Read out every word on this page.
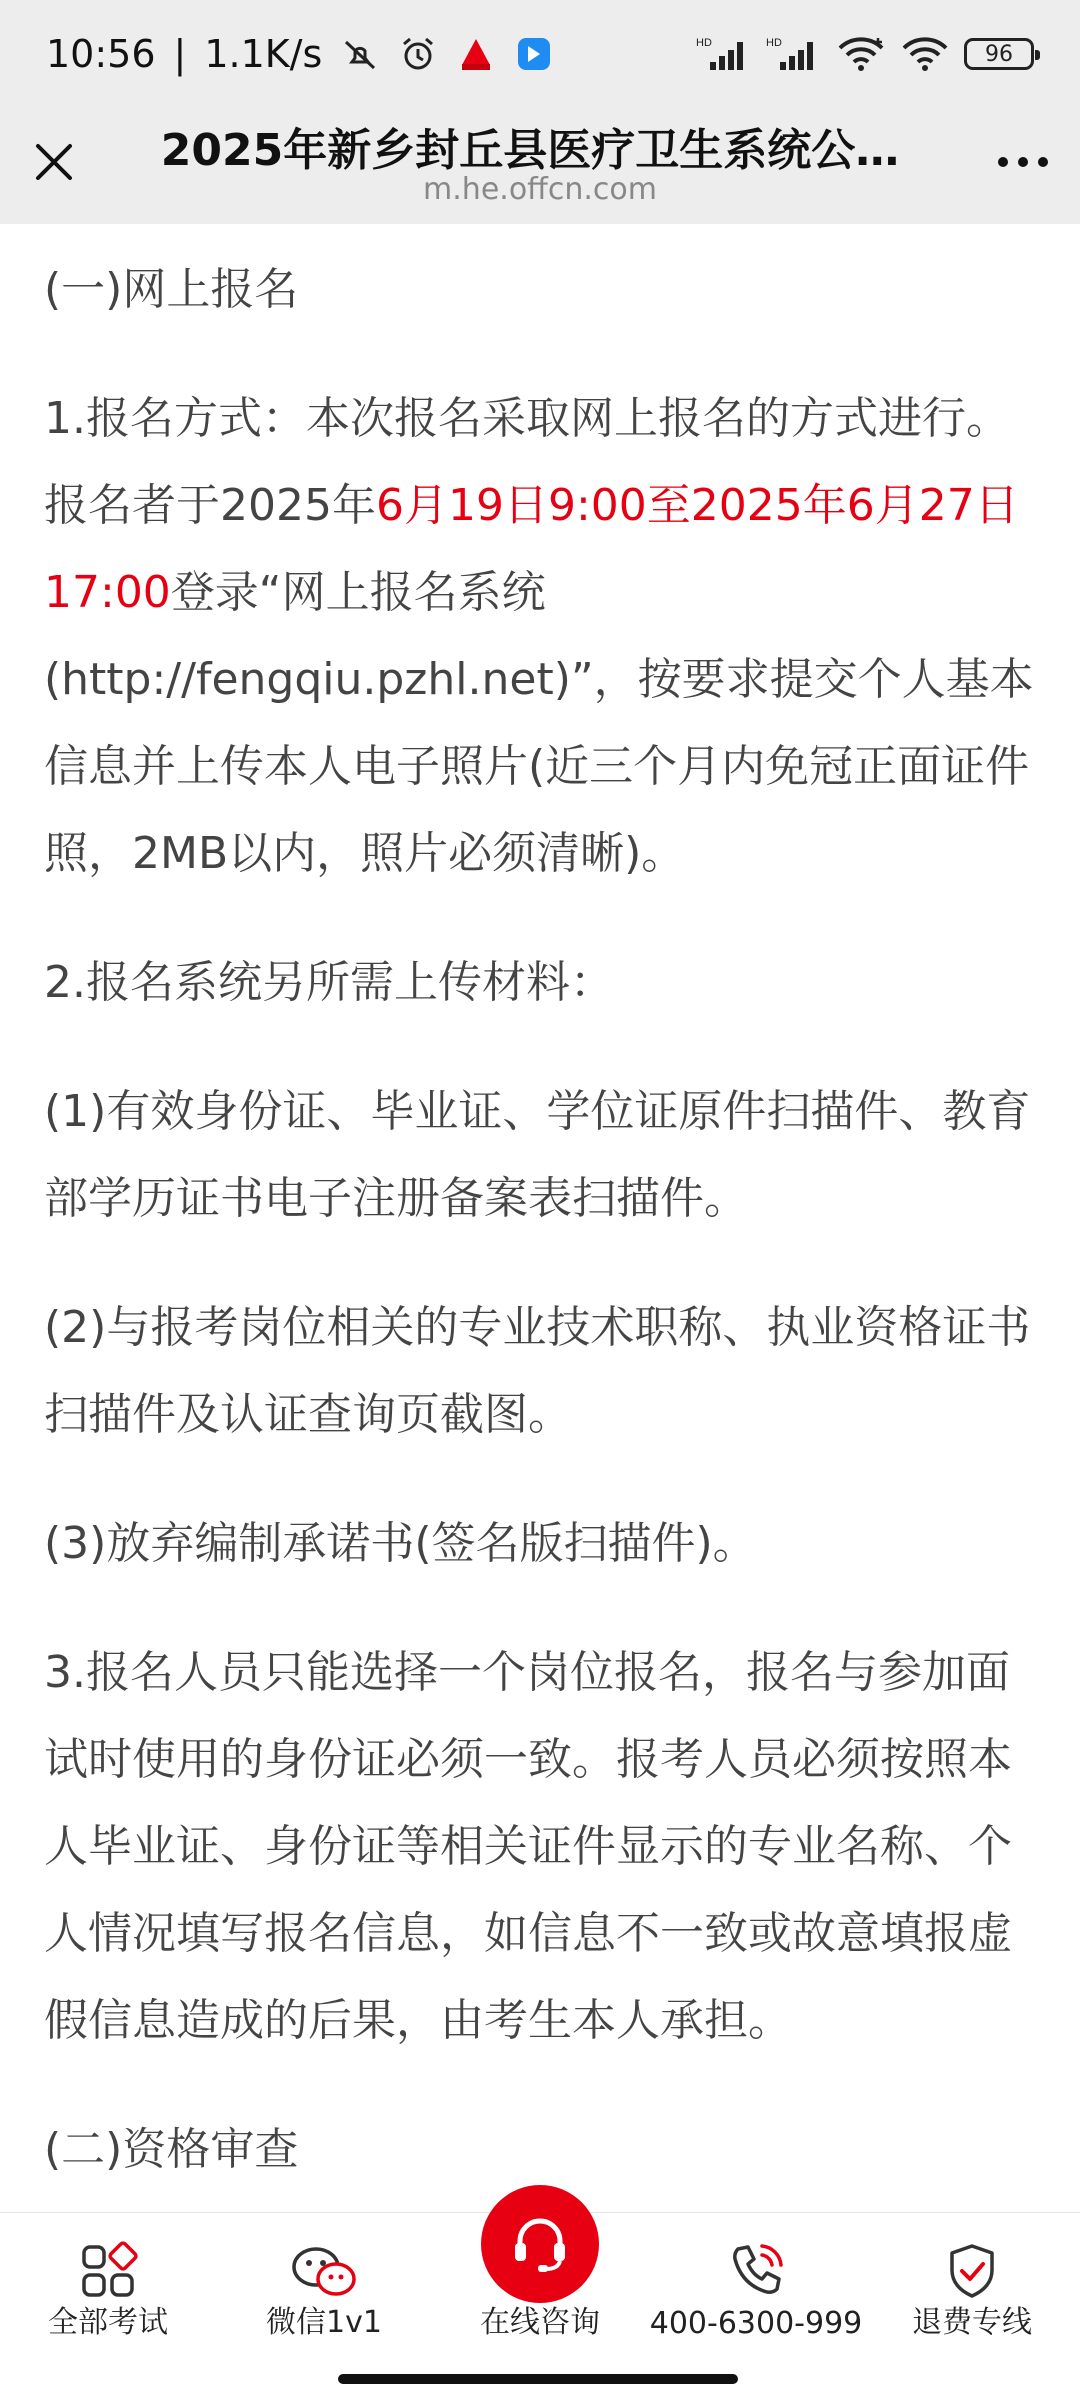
10:56 | 1.1K/s	HD	HD	96
2025年新乡封丘县医疗卫生系统公…
m.he.offcn.com

(一)网上报名

1.报名方式：本次报名采取网上报名的方式进行。报名者于2025年6月19日9:00至2025年6月27日17:00登录“网上报名系统(http://fengqiu.pzhl.net)”，按要求提交个人基本信息并上传本人电子照片(近三个月内免冠正面证件照，2MB以内，照片必须清晰)。

2.报名系统另所需上传材料：

(1)有效身份证、毕业证、学位证原件扫描件、教育部学历证书电子注册备案表扫描件。

(2)与报考岗位相关的专业技术职称、执业资格证书扫描件及认证查询页截图。

(3)放弃编制承诺书(签名版扫描件)。

3.报名人员只能选择一个岗位报名，报名与参加面试时使用的身份证必须一致。报考人员必须按照本人毕业证、身份证等相关证件显示的专业名称、个人情况填写报名信息，如信息不一致或故意填报虚假信息造成的后果，由考生本人承担。

(二)资格审查

全部考试	微信1v1	在线咨询 400-6300-999 退费专线
